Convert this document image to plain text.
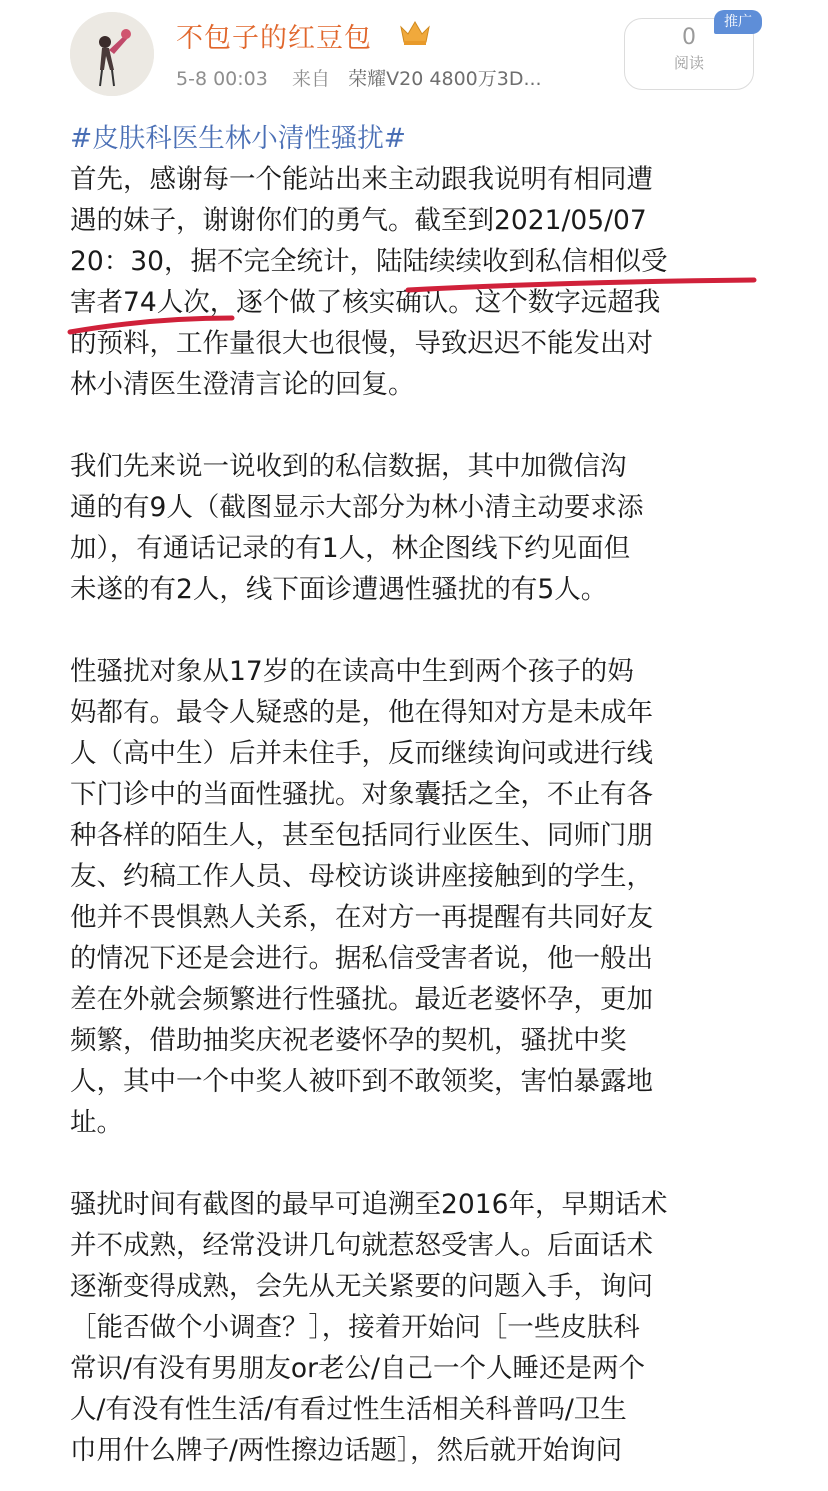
不包子的红豆包
5-8 00:03 来自 荣耀V20 4800万3D...
0
阅读
推广
#皮肤科医生林小清性骚扰#

首先，感谢每一个能站出来主动跟我说明有相同遭

遇的妹子，谢谢你们的勇气。截至到2021/05/07

20：30，据不完全统计，陆陆续续收到私信相似受

害者74人次，逐个做了核实确认。这个数字远超我

的预料，工作量很大也很慢，导致迟迟不能发出对

林小清医生澄清言论的回复。

我们先来说一说收到的私信数据，其中加微信沟

通的有9人（截图显示大部分为林小清主动要求添

加），有通话记录的有1人，林企图线下约见面但

未遂的有2人，线下面诊遭遇性骚扰的有5人。

性骚扰对象从17岁的在读高中生到两个孩子的妈

妈都有。最令人疑惑的是，他在得知对方是未成年

人（高中生）后并未住手，反而继续询问或进行线

下门诊中的当面性骚扰。对象囊括之全，不止有各

种各样的陌生人，甚至包括同行业医生、同师门朋

友、约稿工作人员、母校访谈讲座接触到的学生，

他并不畏惧熟人关系，在对方一再提醒有共同好友

的情况下还是会进行。据私信受害者说，他一般出

差在外就会频繁进行性骚扰。最近老婆怀孕，更加

频繁，借助抽奖庆祝老婆怀孕的契机，骚扰中奖

人，其中一个中奖人被吓到不敢领奖，害怕暴露地

址。

骚扰时间有截图的最早可追溯至2016年，早期话术

并不成熟，经常没讲几句就惹怒受害人。后面话术

逐渐变得成熟，会先从无关紧要的问题入手，询问

［能否做个小调查？］，接着开始问［一些皮肤科

常识/有没有男朋友or老公/自己一个人睡还是两个

人/有没有性生活/有看过性生活相关科普吗/卫生

巾用什么牌子/两性擦边话题］，然后就开始询问
